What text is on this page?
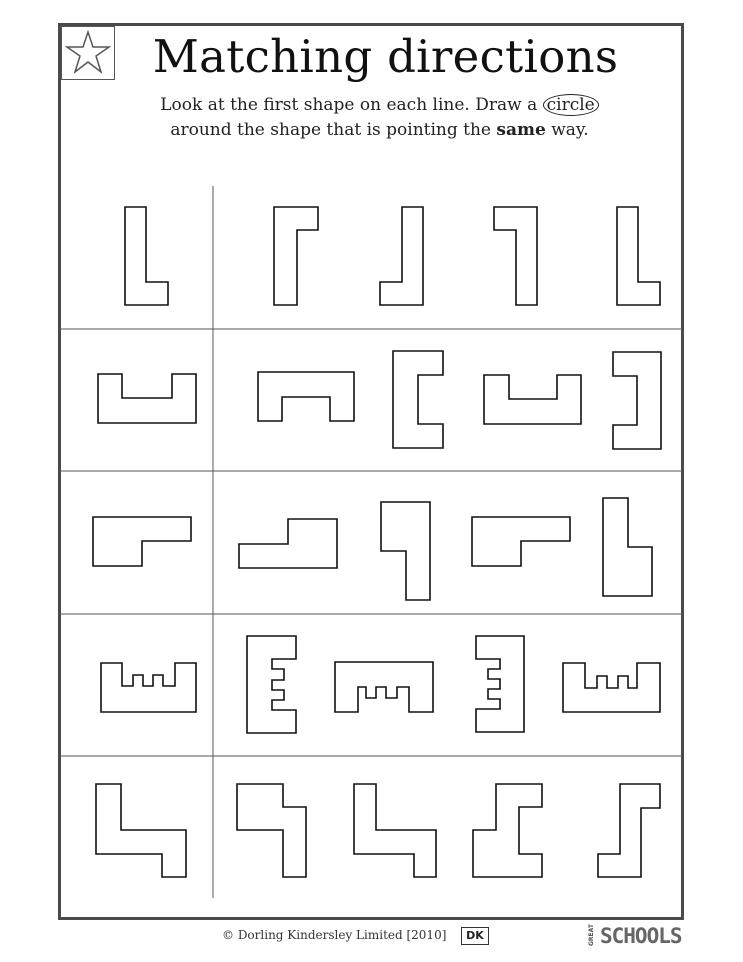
Matching directions
Look at the first shape on each line. Draw a circle
around the shape that is pointing the same way.
© Dorling Kindersley Limited [2010]	DK	GREAT SCHOOLS
